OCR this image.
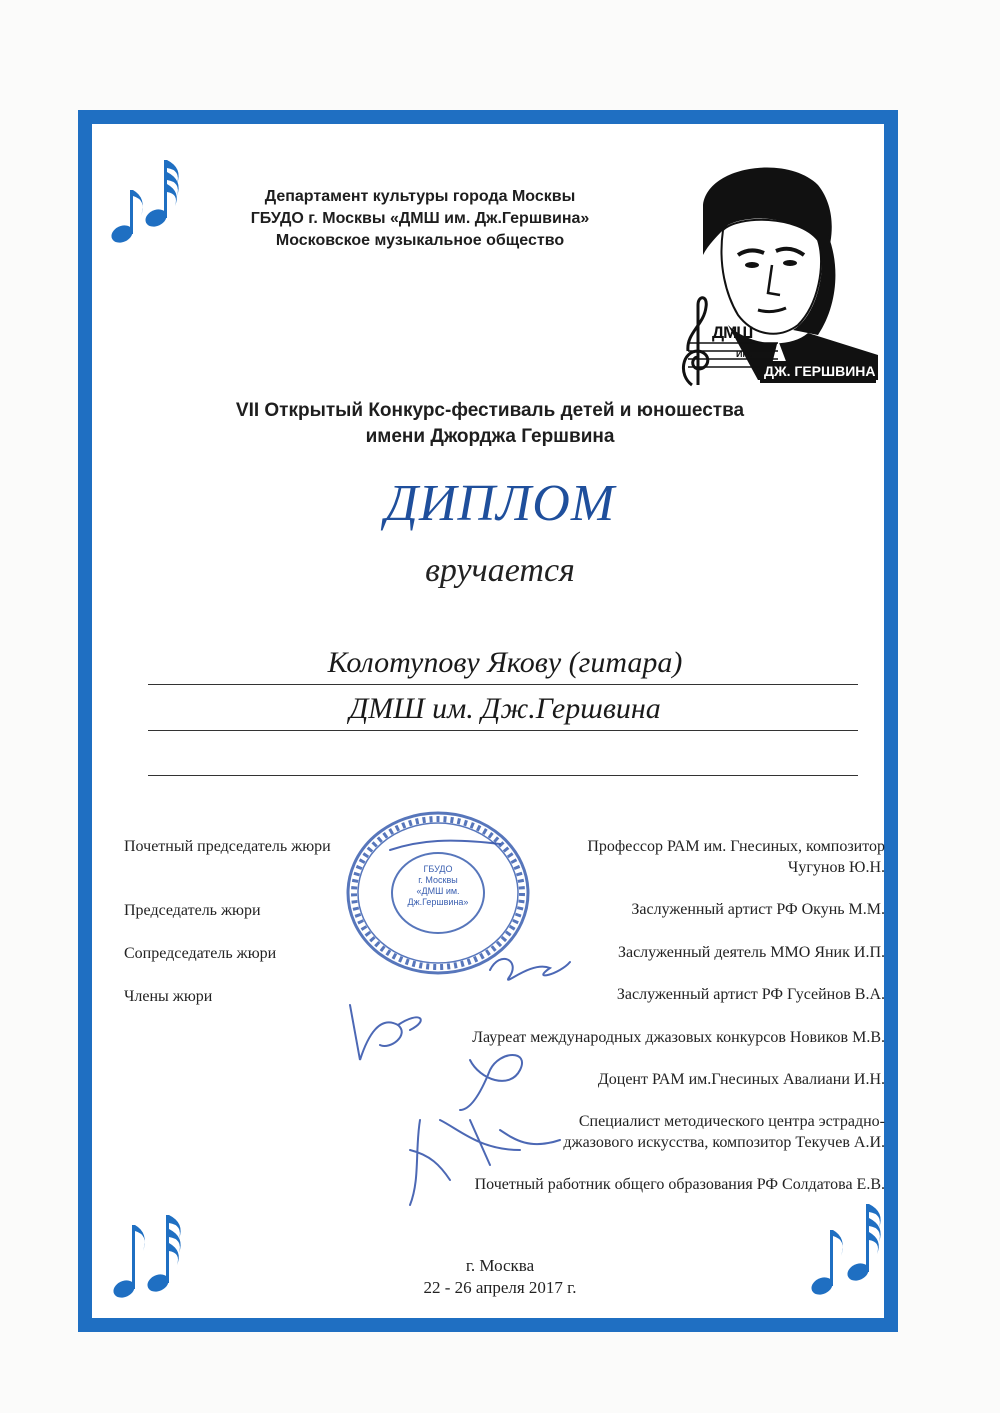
Департамент культуры города Москвы
ГБУДО г. Москвы «ДМШ им. Дж.Гершвина»
Московское музыкальное общество
ДМШ
ИМ.
ДЖ. ГЕРШВИНА
VII Открытый Конкурс-фестиваль детей и юношества
имени Джорджа Гершвина
ДИПЛОМ
вручается
Колотупову Якову (гитара)
ДМШ им. Дж.Гершвина
ГБУДО
г. Москвы
«ДМШ им.
Дж.Гершвина»
Почетный председатель жюри	Профессор РАМ им. Гнесиных, композитор
Чугунов Ю.Н.
Председатель жюри	Заслуженный артист РФ Окунь М.М.
Сопредседатель жюри	Заслуженный деятель ММО Яник И.П.
Члены жюри	Заслуженный артист РФ Гусейнов В.А.
Лауреат международных джазовых конкурсов Новиков М.В.
Доцент РАМ им.Гнесиных Авалиани И.Н.
Специалист методического центра эстрадно-
джазового искусства, композитор Текучев А.И.
Почетный работник общего образования РФ Солдатова Е.В.
г. Москва
22 - 26 апреля 2017 г.
